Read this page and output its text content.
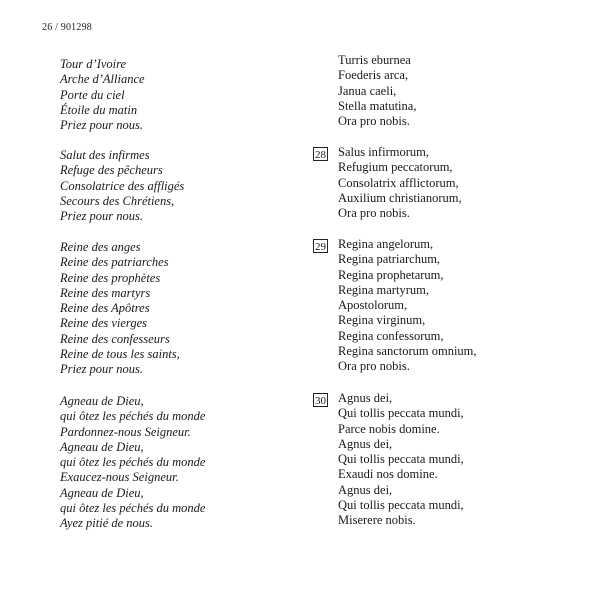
26 / 901298
Tour d’Ivoire
Arche d’Alliance
Porte du ciel
Étoile du matin
Priez pour nous.
Salut des infirmes
Refuge des pêcheurs
Consolatrice des affligés
Secours des Chrétiens,
Priez pour nous.
Reine des anges
Reine des patriarches
Reine des prophètes
Reine des martyrs
Reine des Apôtres
Reine des vierges
Reine des confesseurs
Reine de tous les saints,
Priez pour nous.
Agneau de Dieu,
qui ôtez les péchés du monde
Pardonnez-nous Seigneur.
Agneau de Dieu,
qui ôtez les péchés du monde
Exaucez-nous Seigneur.
Agneau de Dieu,
qui ôtez les péchés du monde
Ayez pitié de nous.
Turris eburnea
Foederis arca,
Janua caeli,
Stella matutina,
Ora pro nobis.
28 Salus infirmorum,
Refugium peccatorum,
Consolatrix afflictorum,
Auxilium christianorum,
Ora pro nobis.
29 Regina angelorum,
Regina patriarchum,
Regina prophetarum,
Regina martyrum,
Apostolorum,
Regina virginum,
Regina confessorum,
Regina sanctorum omnium,
Ora pro nobis.
30 Agnus dei,
Qui tollis peccata mundi,
Parce nobis domine.
Agnus dei,
Qui tollis peccata mundi,
Exaudi nos domine.
Agnus dei,
Qui tollis peccata mundi,
Miserere nobis.
